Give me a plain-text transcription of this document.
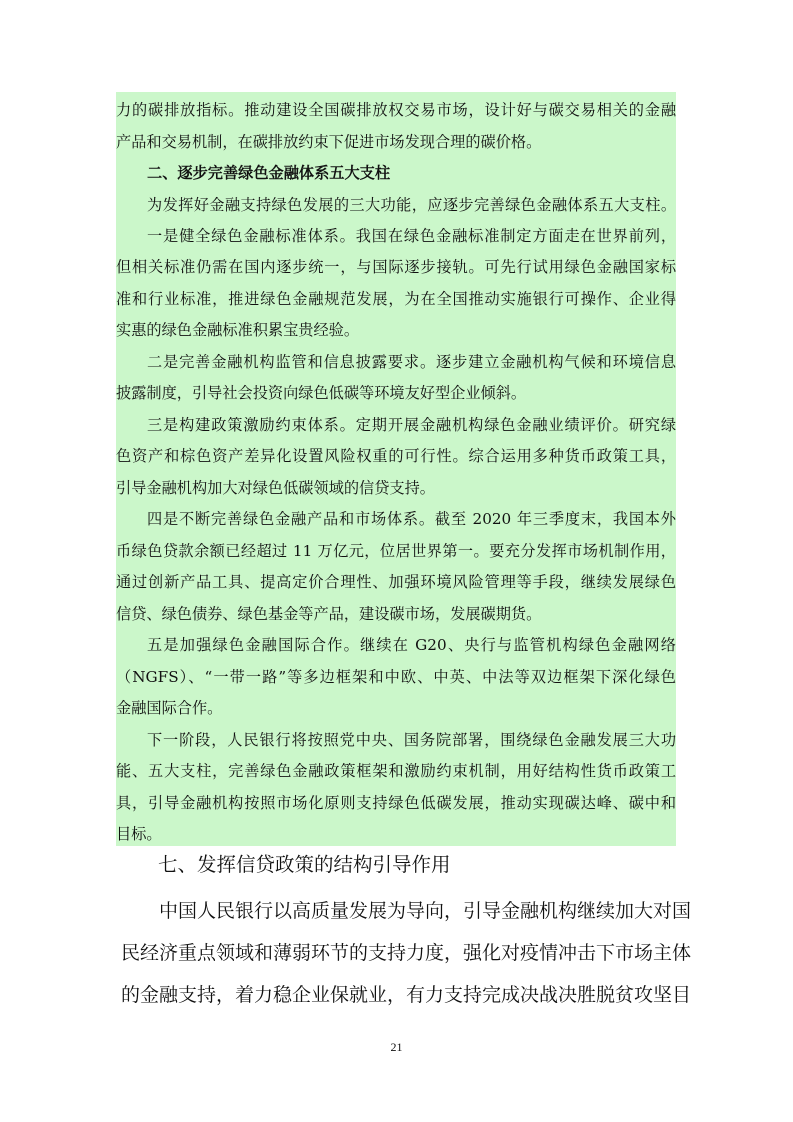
力的碳排放指标。推动建设全国碳排放权交易市场，设计好与碳交易相关的金融
产品和交易机制，在碳排放约束下促进市场发现合理的碳价格。
二、逐步完善绿色金融体系五大支柱
为发挥好金融支持绿色发展的三大功能，应逐步完善绿色金融体系五大支柱。
一是健全绿色金融标准体系。我国在绿色金融标准制定方面走在世界前列，
但相关标准仍需在国内逐步统一，与国际逐步接轨。可先行试用绿色金融国家标
准和行业标准，推进绿色金融规范发展，为在全国推动实施银行可操作、企业得
实惠的绿色金融标准积累宝贵经验。
二是完善金融机构监管和信息披露要求。逐步建立金融机构气候和环境信息
披露制度，引导社会投资向绿色低碳等环境友好型企业倾斜。
三是构建政策激励约束体系。定期开展金融机构绿色金融业绩评价。研究绿
色资产和棕色资产差异化设置风险权重的可行性。综合运用多种货币政策工具，
引导金融机构加大对绿色低碳领域的信贷支持。
四是不断完善绿色金融产品和市场体系。截至 2020 年三季度末，我国本外
币绿色贷款余额已经超过 11 万亿元，位居世界第一。要充分发挥市场机制作用，
通过创新产品工具、提高定价合理性、加强环境风险管理等手段，继续发展绿色
信贷、绿色债券、绿色基金等产品，建设碳市场，发展碳期货。
五是加强绿色金融国际合作。继续在 G20、央行与监管机构绿色金融网络
（NGFS）、“一带一路”等多边框架和中欧、中英、中法等双边框架下深化绿色
金融国际合作。
下一阶段，人民银行将按照党中央、国务院部署，围绕绿色金融发展三大功
能、五大支柱，完善绿色金融政策框架和激励约束机制，用好结构性货币政策工
具，引导金融机构按照市场化原则支持绿色低碳发展，推动实现碳达峰、碳中和
目标。
七、发挥信贷政策的结构引导作用
中国人民银行以高质量发展为导向，引导金融机构继续加大对国
民经济重点领域和薄弱环节的支持力度，强化对疫情冲击下市场主体
的金融支持，着力稳企业保就业，有力支持完成决战决胜脱贫攻坚目
21
